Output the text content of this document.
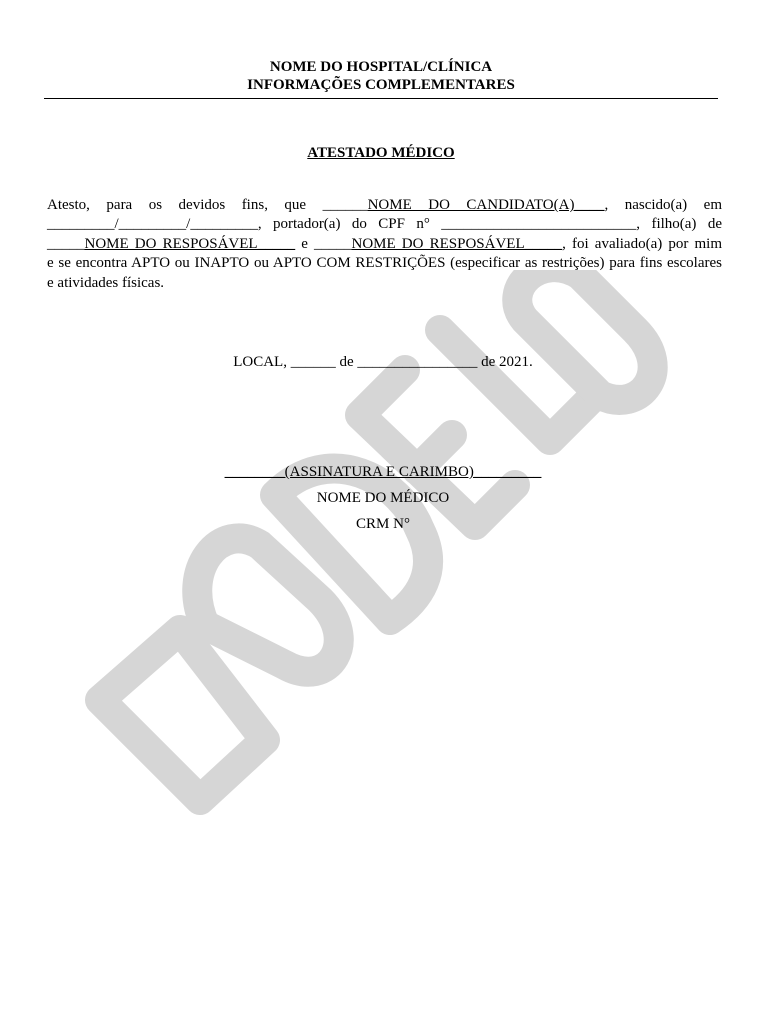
NOME DO HOSPITAL/CLÍNICA
INFORMAÇÕES COMPLEMENTARES
ATESTADO MÉDICO
Atesto, para os devidos fins, que ______NOME DO CANDIDATO(A)____, nascido(a) em
_________/_________/_________, portador(a) do CPF n° __________________________, filho(a) de
_____NOME DO RESPOSÁVEL_____ e _____NOME DO RESPOSÁVEL_____, foi avaliado(a) por mim
e se encontra APTO ou INAPTO ou APTO COM RESTRIÇÕES (especificar as restrições) para fins escolares
e atividades físicas.
LOCAL, ______ de ________________ de 2021.
________(ASSINATURA E CARIMBO)_________
NOME DO MÉDICO
CRM N°
